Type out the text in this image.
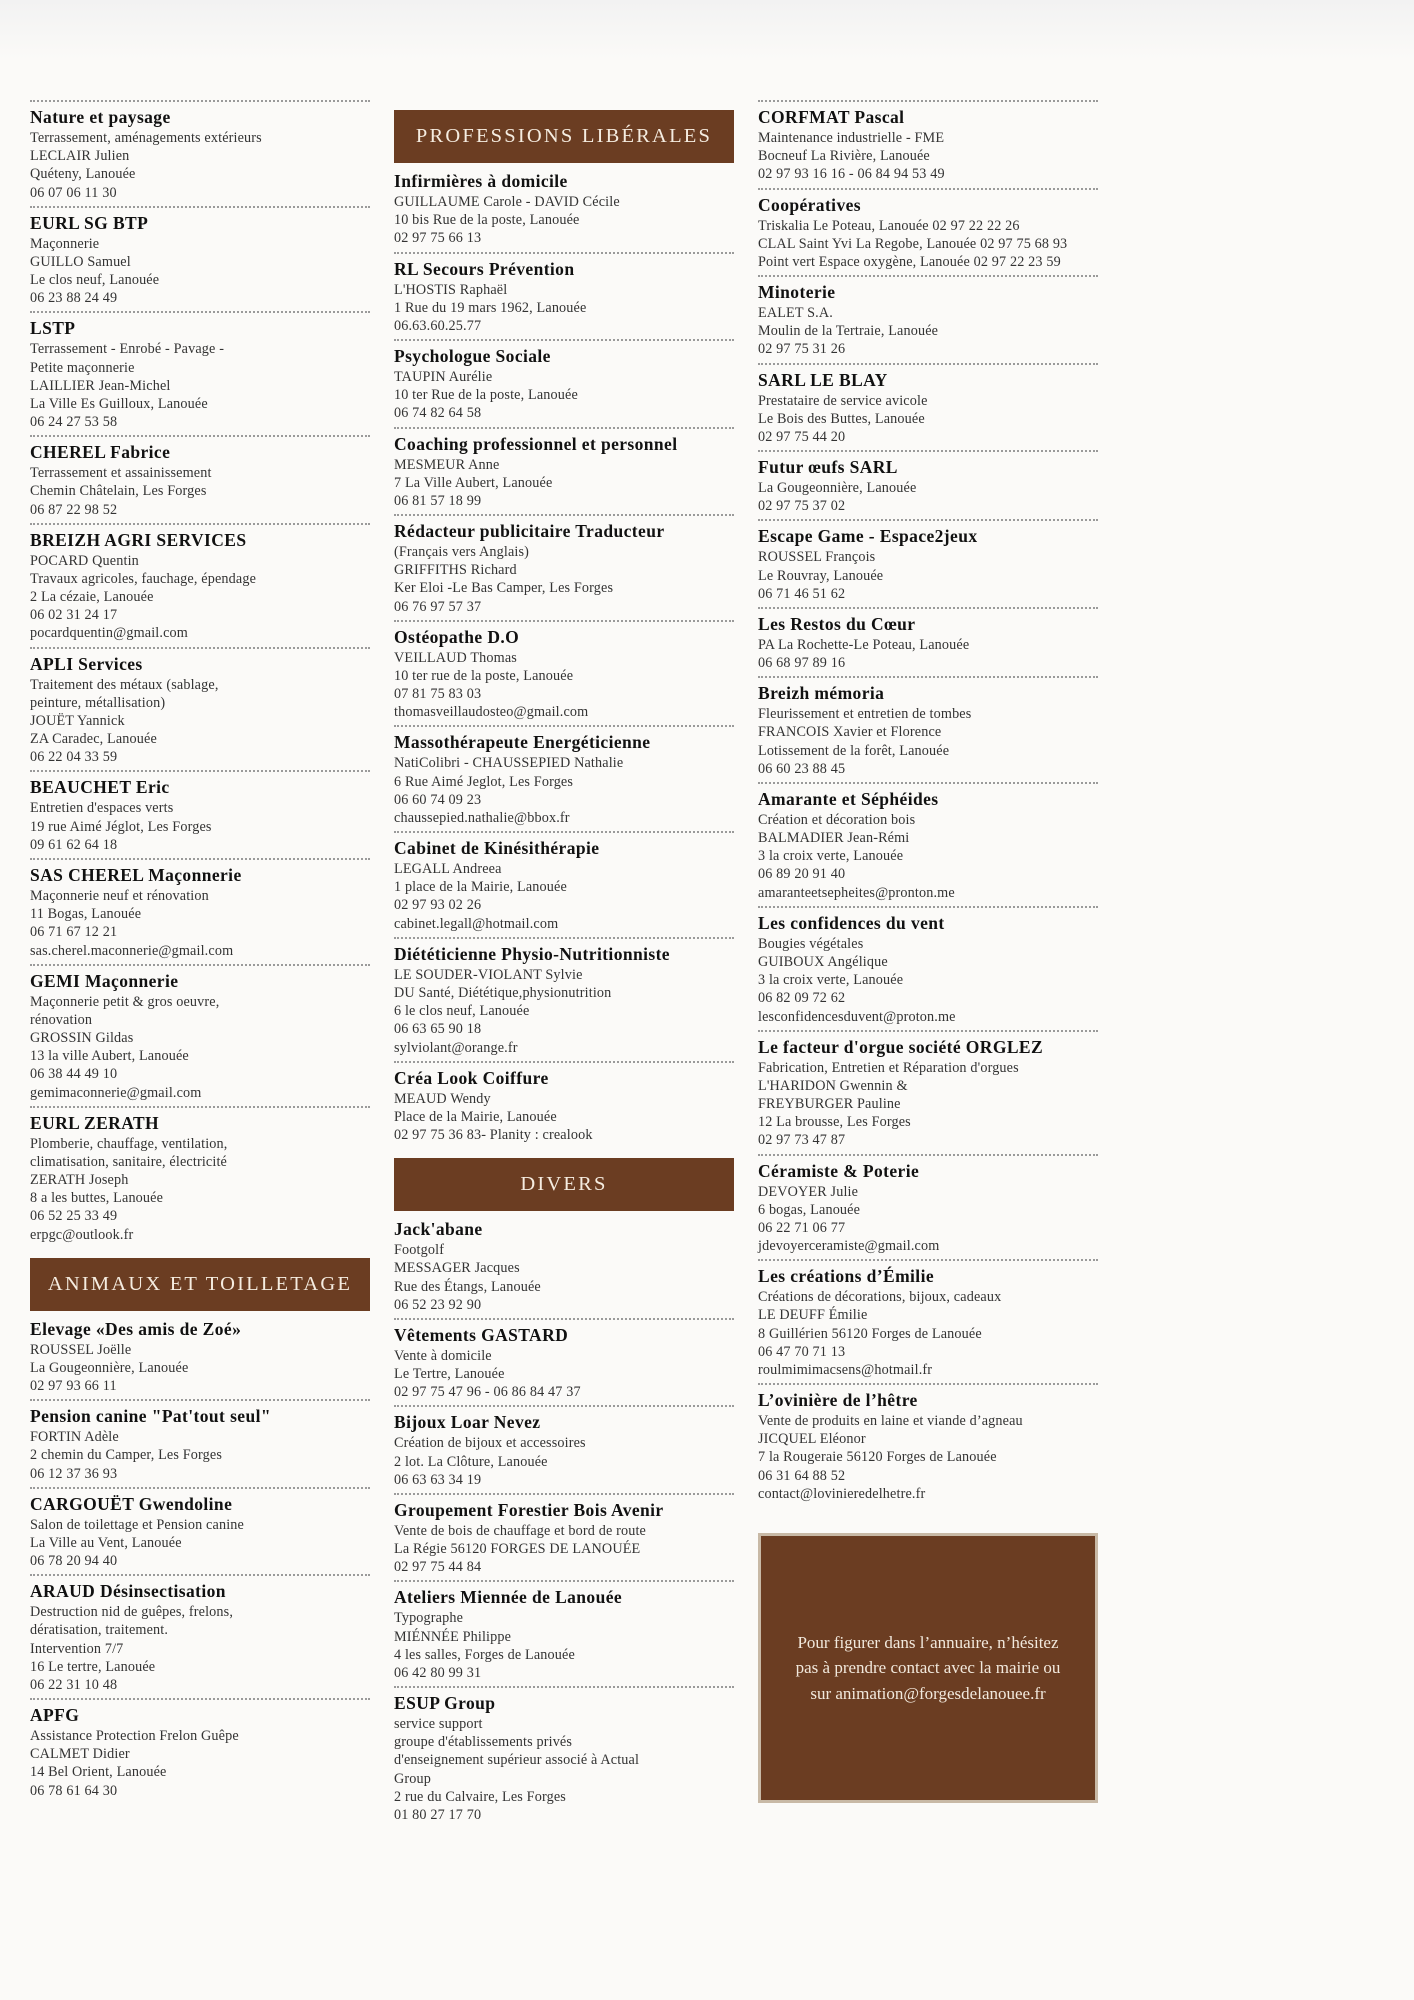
Nature et paysage
Terrassement, aménagements extérieurs
LECLAIR Julien
Quéteny, Lanouée
06 07 06 11 30
EURL SG BTP
Maçonnerie
GUILLO Samuel
Le clos neuf, Lanouée
06 23 88 24 49
LSTP
Terrassement - Enrobé - Pavage -
Petite maçonnerie
LAILLIER Jean-Michel
La Ville Es Guilloux, Lanouée
06 24 27 53 58
CHEREL Fabrice
Terrassement et assainissement
Chemin Châtelain, Les Forges
06 87 22 98 52
BREIZH AGRI SERVICES
POCARD Quentin
Travaux agricoles, fauchage, épendage
2 La cézaie, Lanouée
06 02 31 24 17
pocardquentin@gmail.com
APLI Services
Traitement des métaux (sablage,
peinture, métallisation)
JOUËT Yannick
ZA Caradec, Lanouée
06 22 04 33 59
BEAUCHET Eric
Entretien d'espaces verts
19 rue Aimé Jéglot, Les Forges
09 61 62 64 18
SAS CHEREL Maçonnerie
Maçonnerie neuf et rénovation
11 Bogas, Lanouée
06 71 67 12 21
sas.cherel.maconnerie@gmail.com
GEMI Maçonnerie
Maçonnerie petit & gros oeuvre,
rénovation
GROSSIN Gildas
13 la ville Aubert, Lanouée
06 38 44 49 10
gemimaconnerie@gmail.com
EURL ZERATH
Plomberie, chauffage, ventilation,
climatisation, sanitaire, électricité
ZERATH Joseph
8 a les buttes, Lanouée
06 52 25 33 49
erpgc@outlook.fr
ANIMAUX ET TOILLETAGE
Elevage «Des amis de Zoé»
ROUSSEL Joëlle
La Gougeonnière, Lanouée
02 97 93 66 11
Pension canine "Pat'tout seul"
FORTIN Adèle
2 chemin du Camper, Les Forges
06 12 37 36 93
CARGOUËT Gwendoline
Salon de toilettage et Pension canine
La Ville au Vent, Lanouée
06 78 20 94 40
ARAUD Désinsectisation
Destruction nid de guêpes, frelons,
dératisation, traitement.
Intervention 7/7
16 Le tertre, Lanouée
06 22 31 10 48
APFG
Assistance Protection Frelon Guêpe
CALMET Didier
14 Bel Orient, Lanouée
06 78 61 64 30
PROFESSIONS LIBÉRALES
Infirmières à domicile
GUILLAUME Carole - DAVID Cécile
10 bis Rue de la poste, Lanouée
02 97 75 66 13
RL Secours Prévention
L'HOSTIS Raphaël
1 Rue du 19 mars 1962, Lanouée
06.63.60.25.77
Psychologue Sociale
TAUPIN Aurélie
10 ter Rue de la poste, Lanouée
06 74 82 64 58
Coaching professionnel et personnel
MESMEUR Anne
7 La Ville Aubert, Lanouée
06 81 57 18 99
Rédacteur publicitaire Traducteur
(Français vers Anglais)
GRIFFITHS Richard
Ker Eloi -Le Bas Camper, Les Forges
06 76 97 57 37
Ostéopathe D.O
VEILLAUD Thomas
10 ter rue de la poste, Lanouée
07 81 75 83 03
thomasveillaudosteo@gmail.com
Massothérapeute Energéticienne
NatiColibri - CHAUSSEPIED Nathalie
6 Rue Aimé Jeglot, Les Forges
06 60 74 09 23
chaussepied.nathalie@bbox.fr
Cabinet de Kinésithérapie
LEGALL Andreea
1 place de la Mairie, Lanouée
02 97 93 02 26
cabinet.legall@hotmail.com
Diététicienne Physio-Nutritionniste
LE SOUDER-VIOLANT Sylvie
DU Santé, Diététique,physionutrition
6 le clos neuf, Lanouée
06 63 65 90 18
sylviolant@orange.fr
Créa Look Coiffure
MEAUD Wendy
Place de la Mairie, Lanouée
02 97 75 36 83- Planity : crealook
DIVERS
Jack'abane
Footgolf
MESSAGER Jacques
Rue des Étangs, Lanouée
06 52 23 92 90
Vêtements GASTARD
Vente à domicile
Le Tertre, Lanouée
02 97 75 47 96 - 06 86 84 47 37
Bijoux Loar Nevez
Création de bijoux et accessoires
2 lot. La Clôture, Lanouée
06 63 63 34 19
Groupement Forestier Bois Avenir
Vente de bois de chauffage et bord de route
La Régie 56120 FORGES DE LANOUÉE
02 97 75 44 84
Ateliers Miennée de Lanouée
Typographe
MIÉNNÉE Philippe
4 les salles, Forges de Lanouée
06 42 80 99 31
ESUP Group
service support
groupe d'établissements privés
d'enseignement supérieur associé à Actual
Group
2 rue du Calvaire, Les Forges
01 80 27 17 70
CORFMAT Pascal
Maintenance industrielle - FME
Bocneuf La Rivière, Lanouée
02 97 93 16 16 - 06 84 94 53 49
Coopératives
Triskalia Le Poteau, Lanouée 02 97 22 22 26
CLAL Saint Yvi La Regobe, Lanouée 02 97 75 68 93
Point vert Espace oxygène, Lanouée 02 97 22 23 59
Minoterie
EALET S.A.
Moulin de la Tertraie, Lanouée
02 97 75 31 26
SARL LE BLAY
Prestataire de service avicole
Le Bois des Buttes, Lanouée
02 97 75 44 20
Futur œufs SARL
La Gougeonnière, Lanouée
02 97 75 37 02
Escape Game - Espace2jeux
ROUSSEL François
Le Rouvray, Lanouée
06 71 46 51 62
Les Restos du Cœur
PA La Rochette-Le Poteau, Lanouée
06 68 97 89 16
Breizh mémoria
Fleurissement et entretien de tombes
FRANCOIS Xavier et Florence
Lotissement de la forêt, Lanouée
06 60 23 88 45
Amarante et Séphéides
Création et décoration bois
BALMADIER Jean-Rémi
3 la croix verte, Lanouée
06 89 20 91 40
amaranteetsepheites@pronton.me
Les confidences du vent
Bougies végétales
GUIBOUX Angélique
3 la croix verte, Lanouée
06 82 09 72 62
lesconfidencesduvent@proton.me
Le facteur d'orgue société ORGLEZ
Fabrication, Entretien et Réparation d'orgues
L'HARIDON Gwennin &
FREYBURGER Pauline
12 La brousse, Les Forges
02 97 73 47 87
Céramiste & Poterie
DEVOYER Julie
6 bogas, Lanouée
06 22 71 06 77
jdevoyerceramiste@gmail.com
Les créations d’Émilie
Créations de décorations, bijoux, cadeaux
LE DEUFF Émilie
8 Guillérien 56120 Forges de Lanouée
06 47 70 71 13
roulmimimacsens@hotmail.fr
L’ovinière de l’hêtre
Vente de produits en laine et viande d’agneau
JICQUEL Eléonor
7 la Rougeraie 56120 Forges de Lanouée
06 31 64 88 52
contact@lovinieredelhetre.fr
Pour figurer dans l’annuaire, n’hésitez pas à prendre contact avec la mairie ou sur animation@forgesdelanouee.fr
